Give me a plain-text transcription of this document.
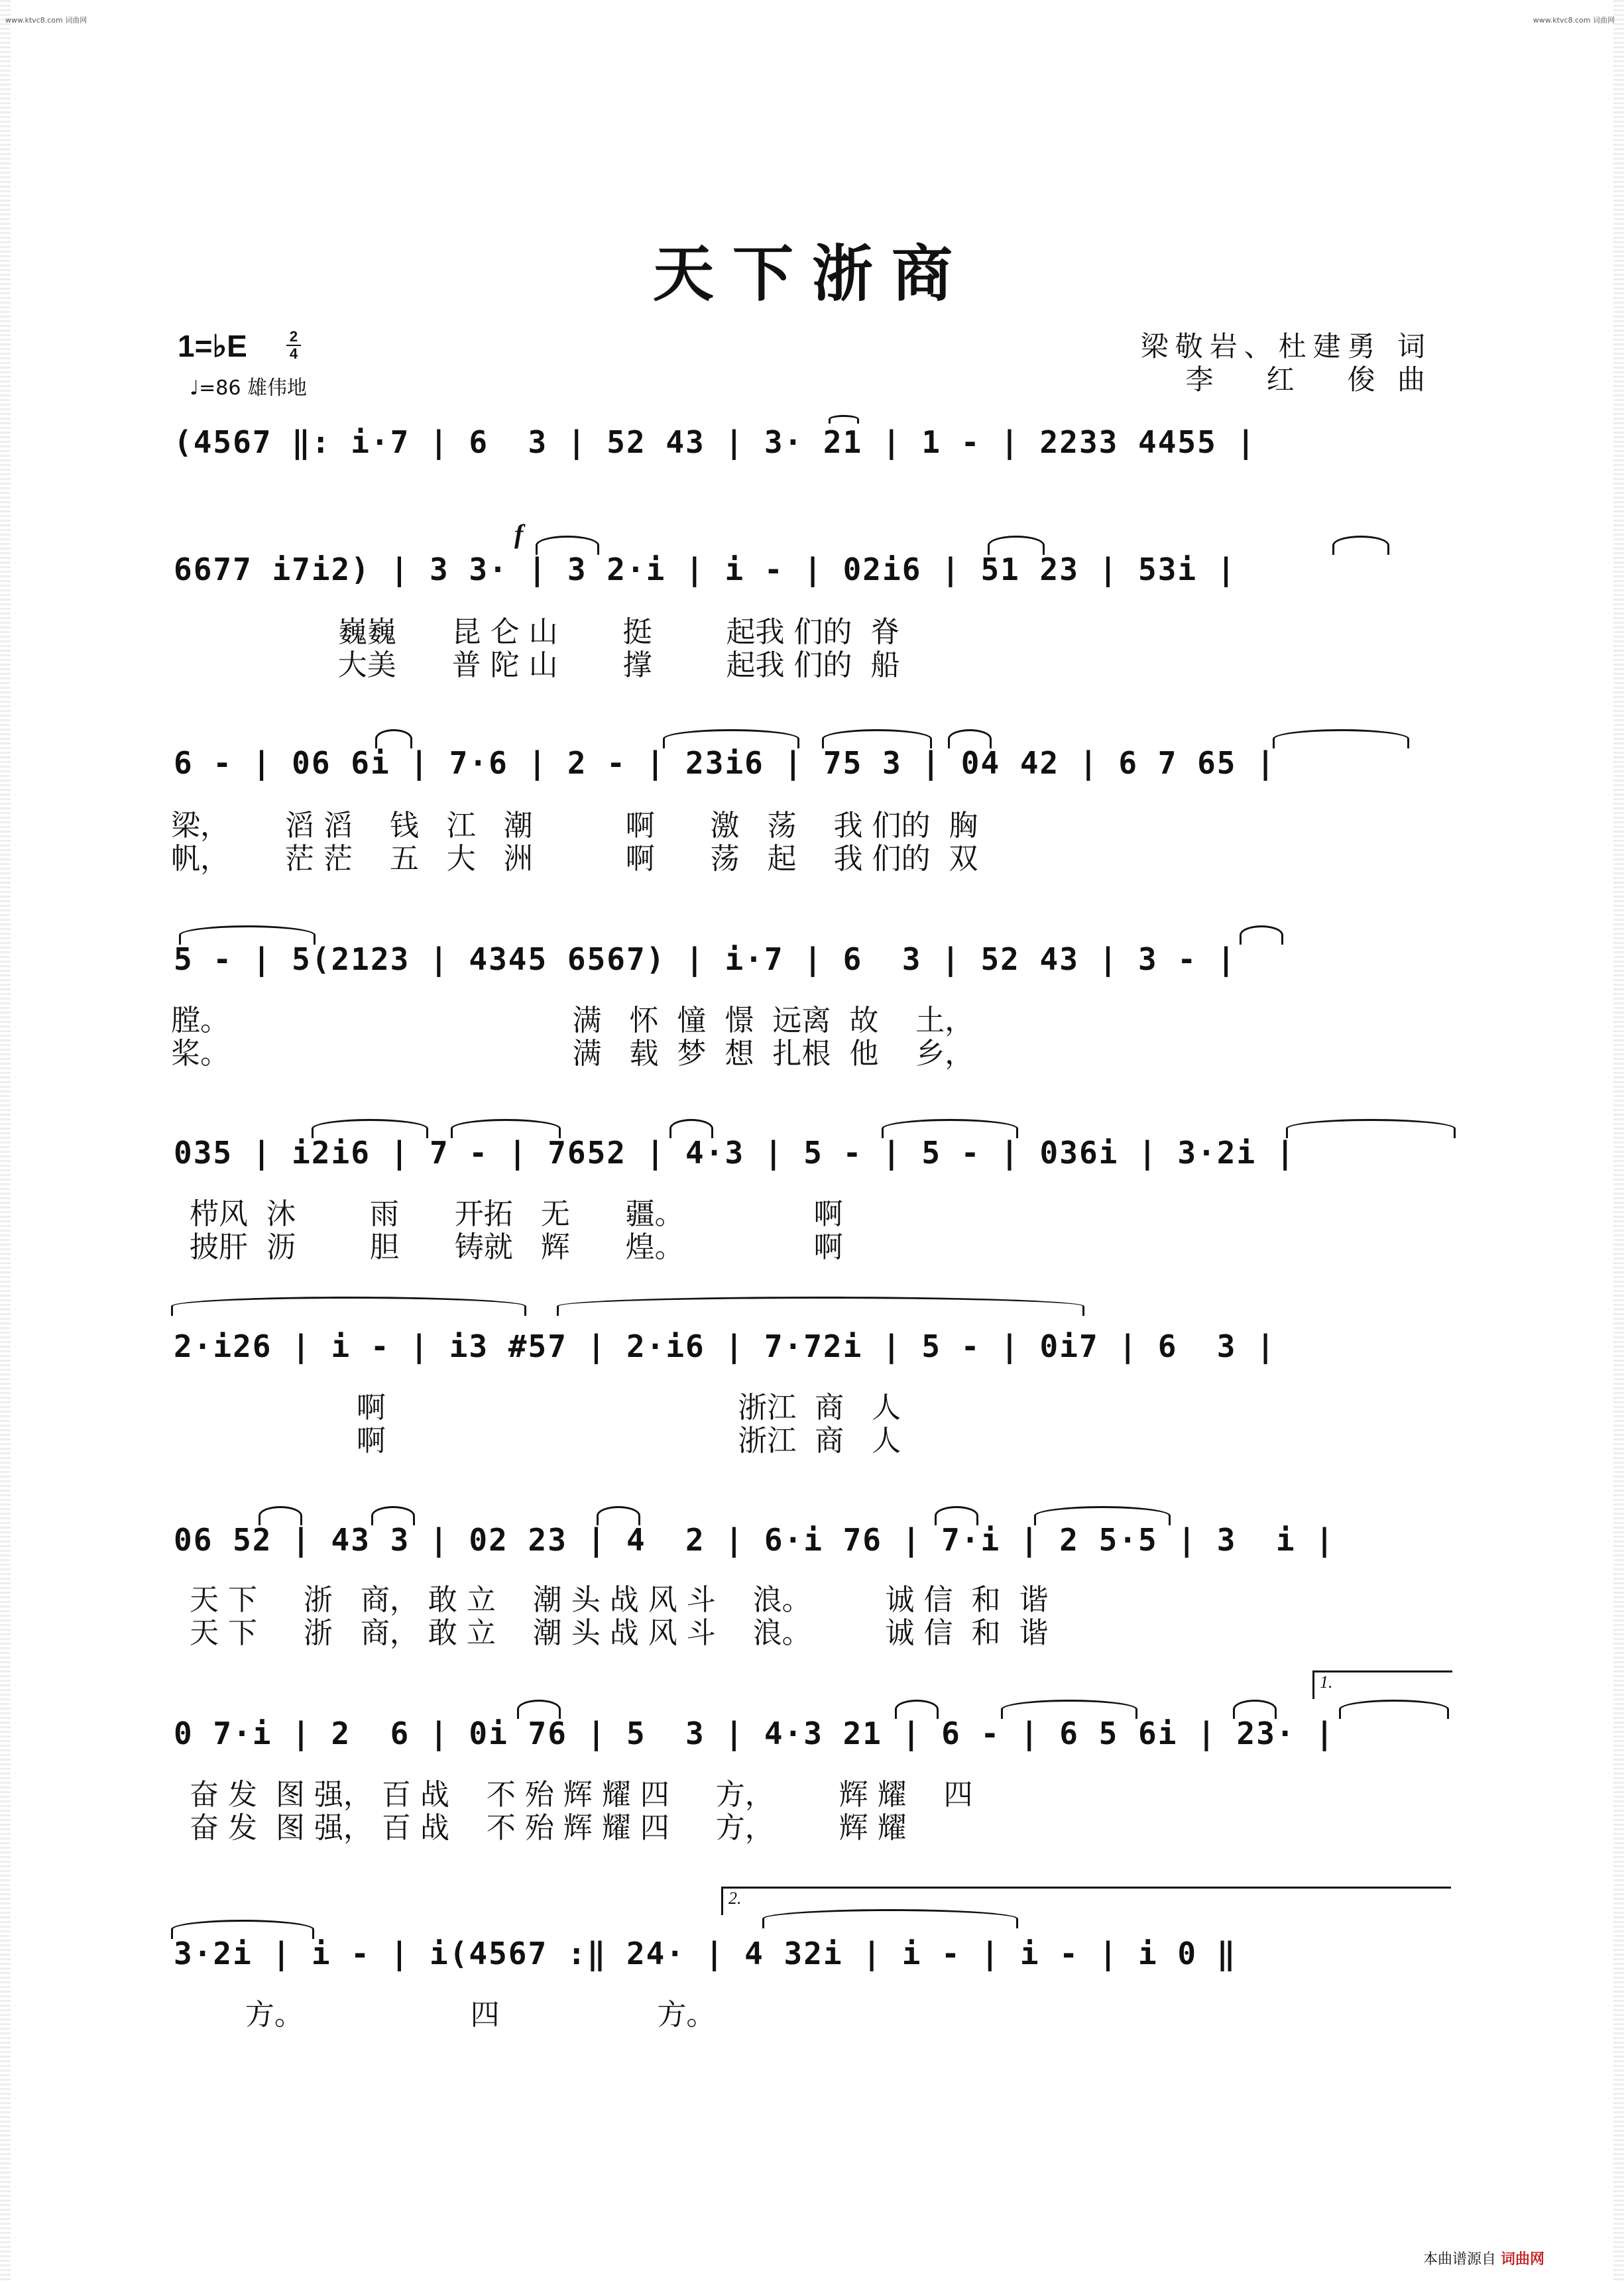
www.ktvc8.com 词曲网	www.ktvc8.com 词曲网
天下浙商
1=♭E	2
4
♩=86 雄伟地
梁敬岩、杜建勇 词
李   红   俊 曲
(4567 ‖: i·7 | 6  3 | 52 43 | 3· 21 | 1 - | 2233 4455 |
f
6677 i7i2) | 3 3· | 3 2·i | i - | 02i6 | 51 23 | 53i |
巍巍      昆 仑 山       挺        起我 们的  脊
大美      普 陀 山       撑        起我 们的  船
6 - | 06 6i | 7·6 | 2 - | 23i6 | 75 3 | 04 42 | 6 7 65 |
梁，      滔 滔    钱   江   潮          啊      激   荡    我 们的  胸
帆，      茫 茫    五   大   洲          啊      荡   起    我 们的  双
5 - | 5(2123 | 4345 6567) | i·7 | 6  3 | 52 43 | 3 - |
膛。                                     满   怀  憧  憬  远离  故    土，
桨。                                     满   载  梦  想  扎根  他    乡，
035 | i2i6 | 7 - | 7652 | 4·3 | 5 - | 5 - | 036i | 3·2i |
栉风  沐        雨      开拓   无      疆。              啊
披肝  沥        胆      铸就   辉      煌。              啊
2·i26 | i - | i3 #57 | 2·i6 | 7·72i | 5 - | 0i7 | 6  3 |
啊                                      浙江  商   人
啊                                      浙江  商   人
06 52 | 43 3 | 02 23 | 4  2 | 6·i 76 | 7·i | 2 5·5 | 3  i |
天 下     浙   商， 敢 立    潮 头 战 风 斗    浪。        诚 信  和  谐
天 下     浙   商， 敢 立    潮 头 战 风 斗    浪。        诚 信  和  谐
1.
0 7·i | 2  6 | 0i 76 | 5  3 | 4·3 21 | 6 - | 6 5 6i | 23· |
奋 发  图 强， 百 战    不 殆 辉 耀 四     方，       辉 耀    四
奋 发  图 强， 百 战    不 殆 辉 耀 四     方，       辉 耀
2.
3·2i | i - | i(4567 :‖ 24· | 4 32i | i - | i - | i 0 ‖
方。                  四                 方。
本曲谱源自 词曲网
